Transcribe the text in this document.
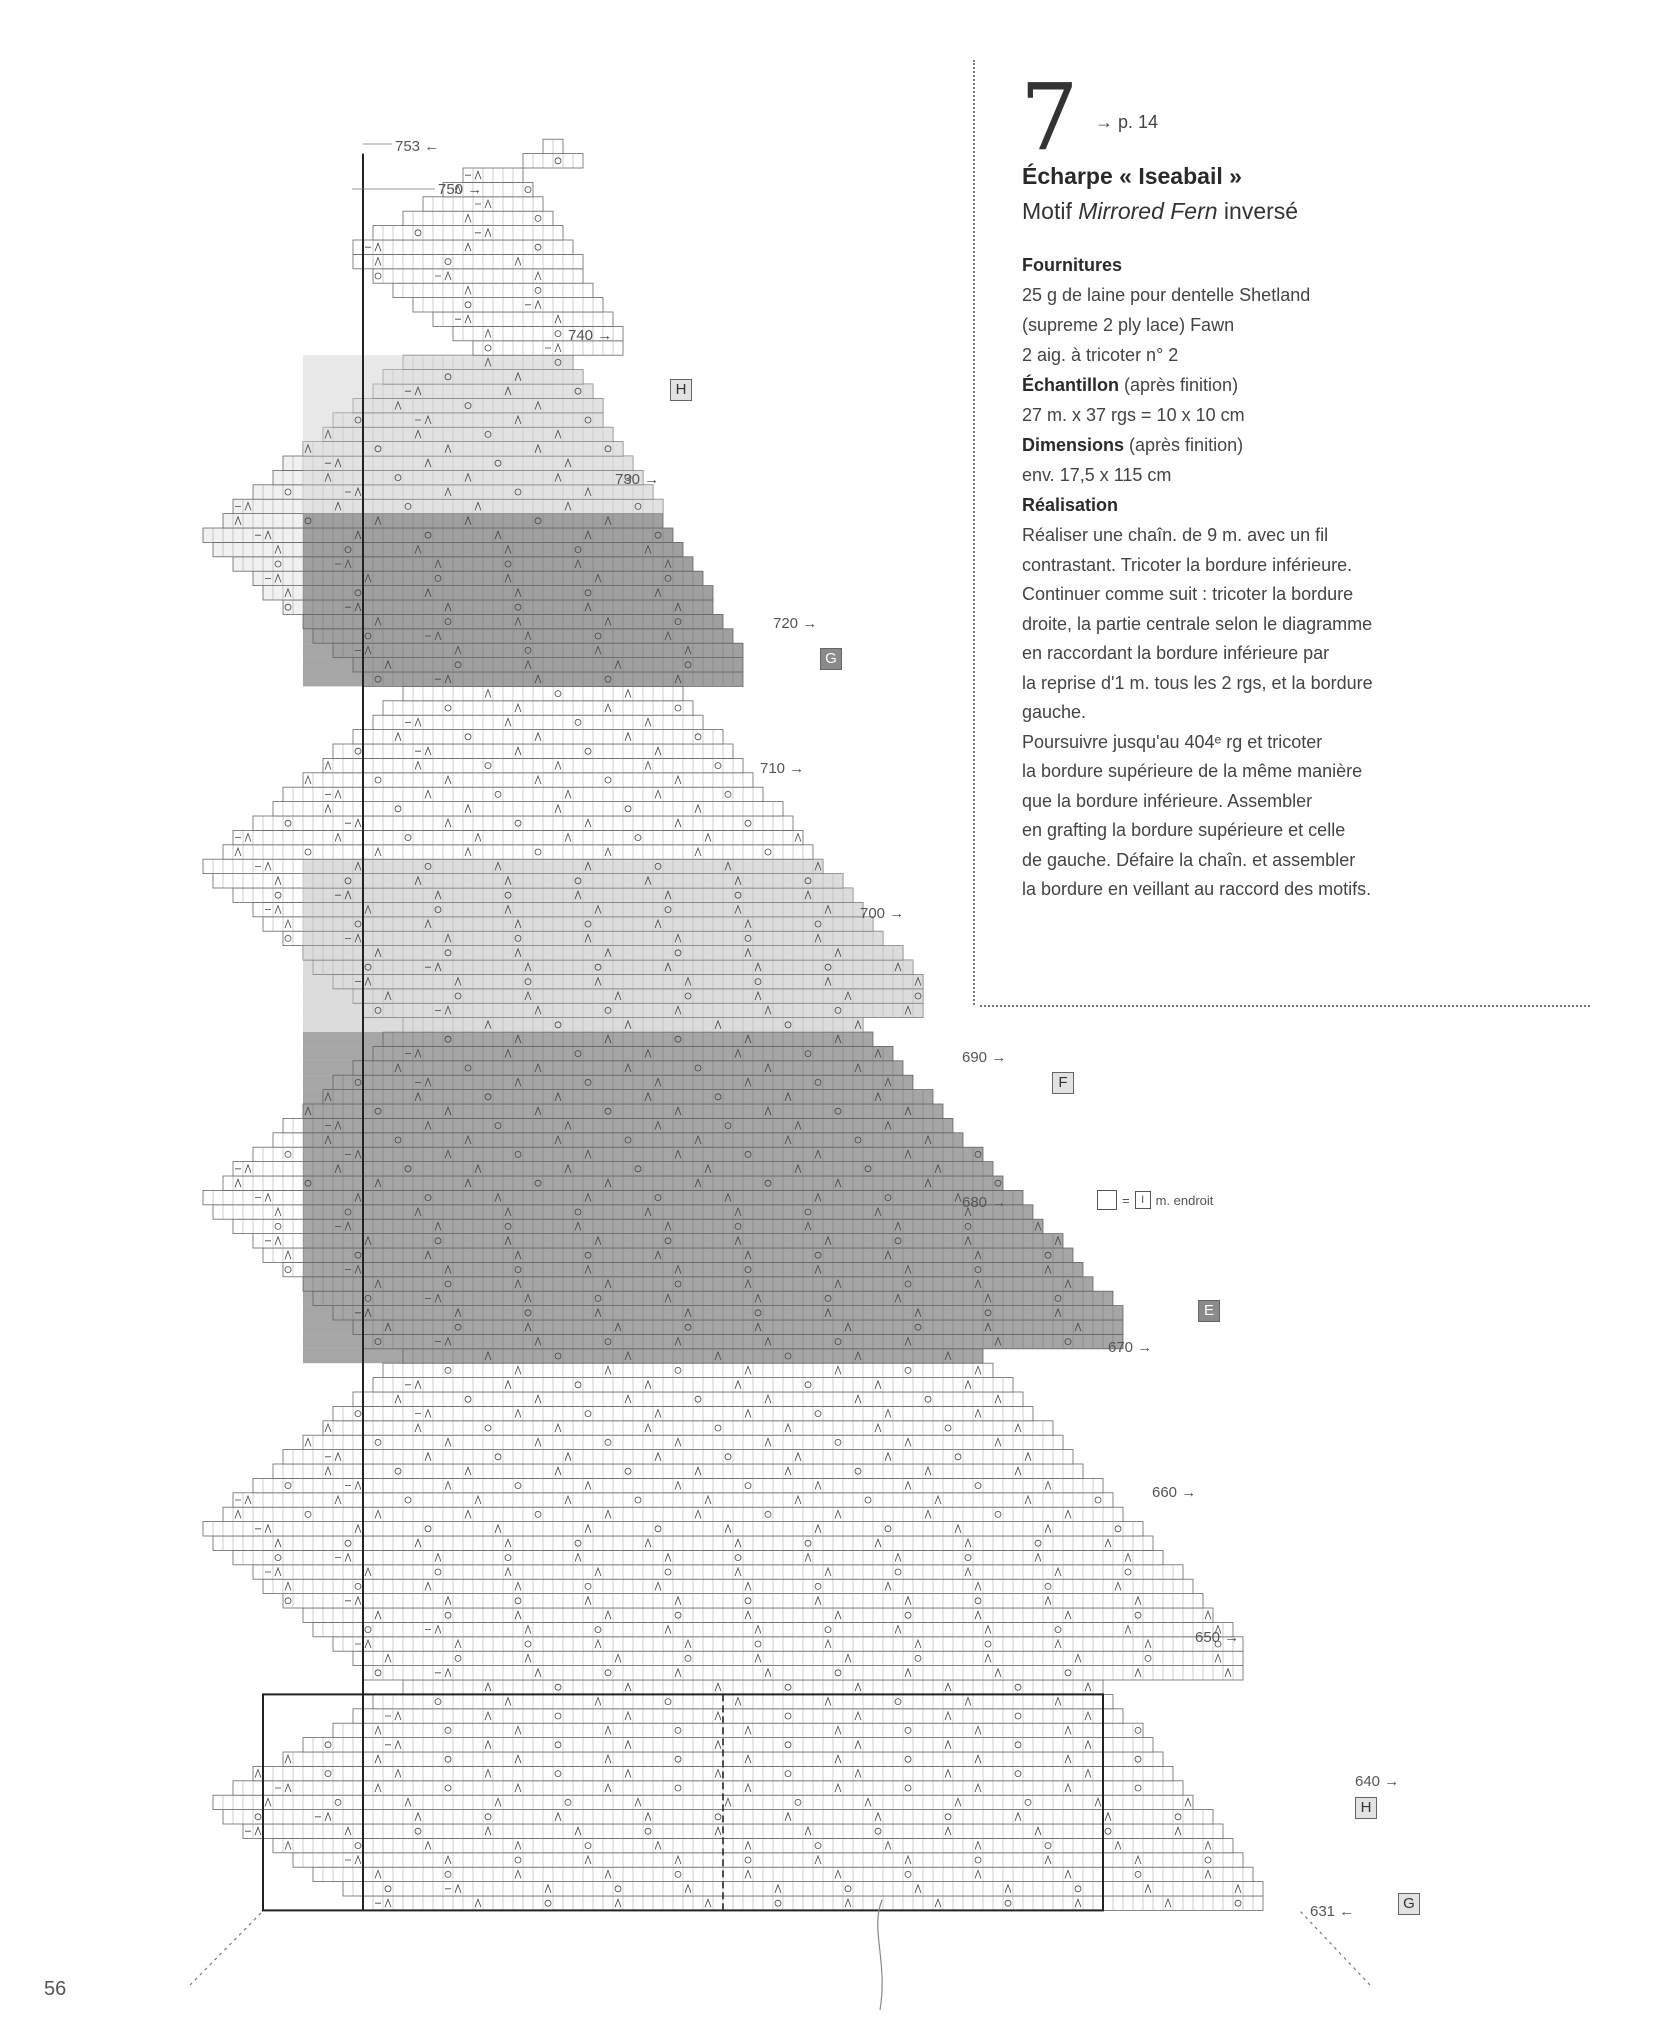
7 → p. 14
Écharpe « Iseabail »
Motif Mirrored Fern inversé
Fournitures
25 g de laine pour dentelle Shetland
(supreme 2 ply lace) Fawn
2 aig. à tricoter n° 2
Échantillon (après finition)
27 m. x 37 rgs = 10 x 10 cm
Dimensions (après finition)
env. 17,5 x 115 cm
Réalisation
Réaliser une chaîn. de 9 m. avec un fil
contrastant. Tricoter la bordure inférieure.
Continuer comme suit : tricoter la bordure
droite, la partie centrale selon le diagramme
en raccordant la bordure inférieure par
la reprise d'1 m. tous les 2 rgs, et la bordure
gauche.
Poursuivre jusqu'au 404ᵉ rg et tricoter
la bordure supérieure de la même manière
que la bordure inférieure. Assembler
en grafting la bordure supérieure et celle
de gauche. Défaire la chaîn. et assembler
la bordure en veillant au raccord des motifs.
=	I m. endroit
753 ←
750 →
740 →
730 →
720 →
710 →
700 →
690 →
680 →
670 →
660 →
650 →
640 →
631 ←
H
G
F
E
H
G
56
